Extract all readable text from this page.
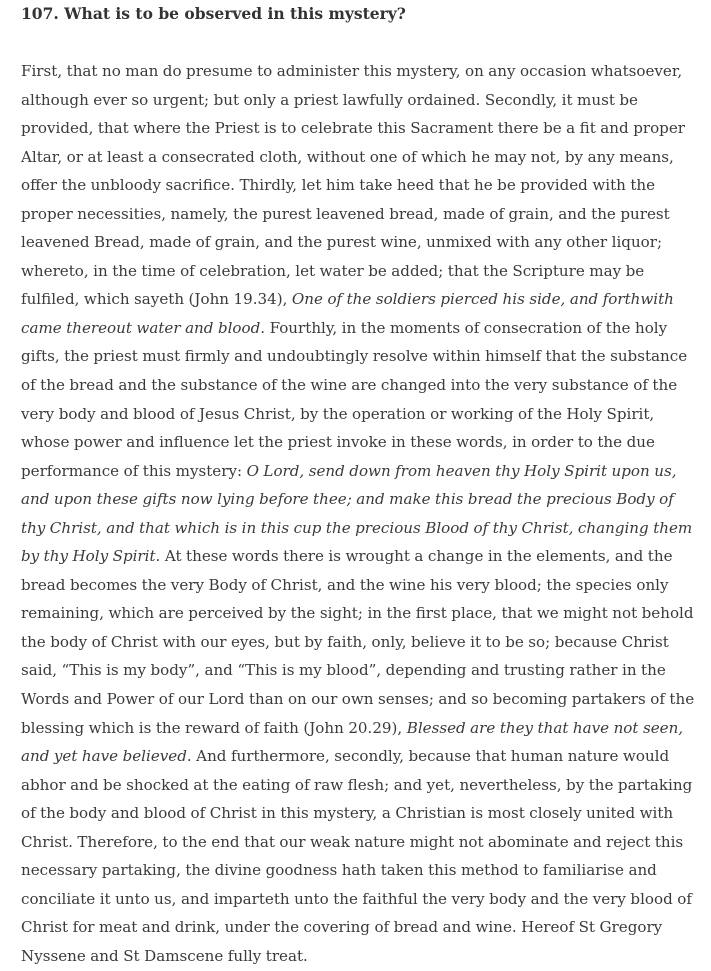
107. What is to be observed in this mystery?

First, that no man do presume to administer this mystery, on any occasion whatsoever, although ever so urgent; but only a priest lawfully ordained. Secondly, it must be provided, that where the Priest is to celebrate this Sacrament there be a fit and proper Altar, or at least a consecrated cloth, without one of which he may not, by any means, offer the unbloody sacrifice. Thirdly, let him take heed that he be provided with the proper necessities, namely, the purest leavened bread, made of grain, and the purest leavened Bread, made of grain, and the purest wine, unmixed with any other liquor; whereto, in the time of celebration, let water be added; that the Scripture may be fulfiled, which sayeth (John 19.34), One of the soldiers pierced his side, and forthwith came thereout water and blood. Fourthly, in the moments of consecration of the holy gifts, the priest must firmly and undoubtingly resolve within himself that the substance of the bread and the substance of the wine are changed into the very substance of the very body and blood of Jesus Christ, by the operation or working of the Holy Spirit, whose power and influence let the priest invoke in these words, in order to the due performance of this mystery: O Lord, send down from heaven thy Holy Spirit upon us, and upon these gifts now lying before thee; and make this bread the precious Body of thy Christ, and that which is in this cup the precious Blood of thy Christ, changing them by thy Holy Spirit. At these words there is wrought a change in the elements, and the bread becomes the very Body of Christ, and the wine his very blood; the species only remaining, which are perceived by the sight; in the first place, that we might not behold the body of Christ with our eyes, but by faith, only, believe it to be so; because Christ said, “This is my body”, and “This is my blood”, depending and trusting rather in the Words and Power of our Lord than on our own senses; and so becoming partakers of the blessing which is the reward of faith (John 20.29), Blessed are they that have not seen, and yet have believed. And furthermore, secondly, because that human nature would abhor and be shocked at the eating of raw flesh; and yet, nevertheless, by the partaking of the body and blood of Christ in this mystery, a Christian is most closely united with Christ. Therefore, to the end that our weak nature might not abominate and reject this necessary partaking, the divine goodness hath taken this method to familiarise and conciliate it unto us, and imparteth unto the faithful the very body and the very blood of Christ for meat and drink, under the covering of bread and wine. Hereof St Gregory Nyssene and St Damscene fully treat.
